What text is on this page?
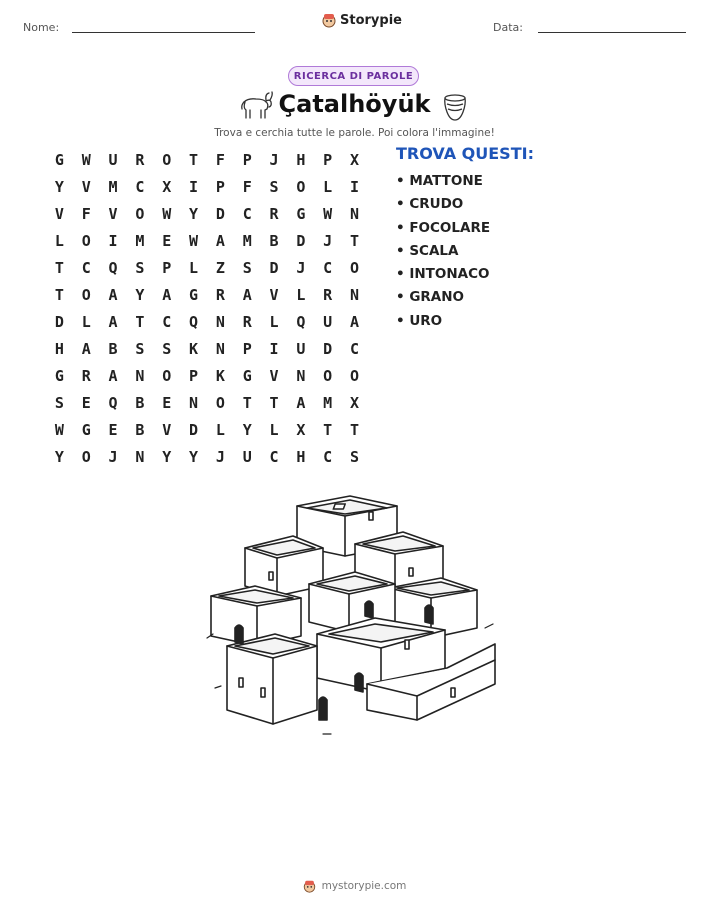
Nome:	Storypie	Data:
RICERCA DI PAROLE
Çatalhöyük
Trova e cerchia tutte le parole. Poi colora l'immagine!
G	W	U	R	O	T	F	P	J	H	P	X
Y	V	M	C	X	I	P	F	S	O	L	I
V	F	V	O	W	Y	D	C	R	G	W	N
L	O	I	M	E	W	A	M	B	D	J	T
T	C	Q	S	P	L	Z	S	D	J	C	O
T	O	A	Y	A	G	R	A	V	L	R	N
D	L	A	T	C	Q	N	R	L	Q	U	A
H	A	B	S	S	K	N	P	I	U	D	C
G	R	A	N	O	P	K	G	V	N	O	O
S	E	Q	B	E	N	O	T	T	A	M	X
W	G	E	B	V	D	L	Y	L	X	T	T
Y	O	J	N	Y	Y	J	U	C	H	C	S
TROVA QUESTI:
• MATTONE
• CRUDO
• FOCOLARE
• SCALA
• INTONACO
• GRANO
• URO
mystorypie.com
